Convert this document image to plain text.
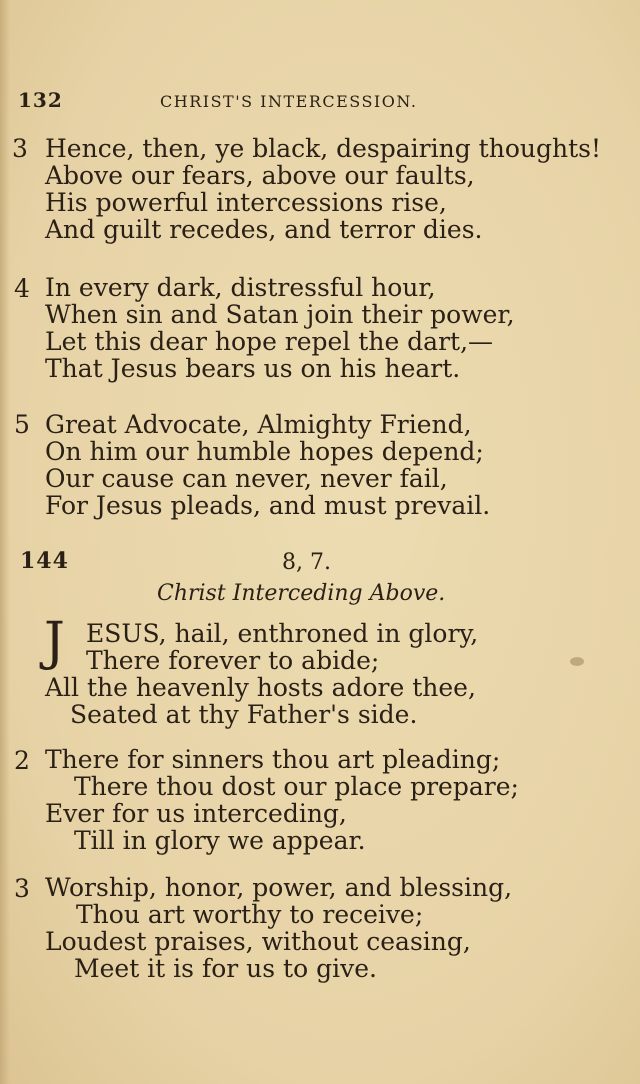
132	CHRIST'S INTERCESSION.
3 Hence, then, ye black, despairing thoughts!
Above our fears, above our faults,
His powerful intercessions rise,
And guilt recedes, and terror dies.
4 In every dark, distressful hour,
When sin and Satan join their power,
Let this dear hope repel the dart,—
That Jesus bears us on his heart.
5 Great Advocate, Almighty Friend,
On him our humble hopes depend;
Our cause can never, never fail,
For Jesus pleads, and must prevail.
144	8, 7.
Christ Interceding Above.
J ESUS, hail, enthroned in glory,
There forever to abide;
All the heavenly hosts adore thee,
Seated at thy Father's side.
2 There for sinners thou art pleading;
There thou dost our place prepare;
Ever for us interceding,
Till in glory we appear.
3 Worship, honor, power, and blessing,
Thou art worthy to receive;
Loudest praises, without ceasing,
Meet it is for us to give.
